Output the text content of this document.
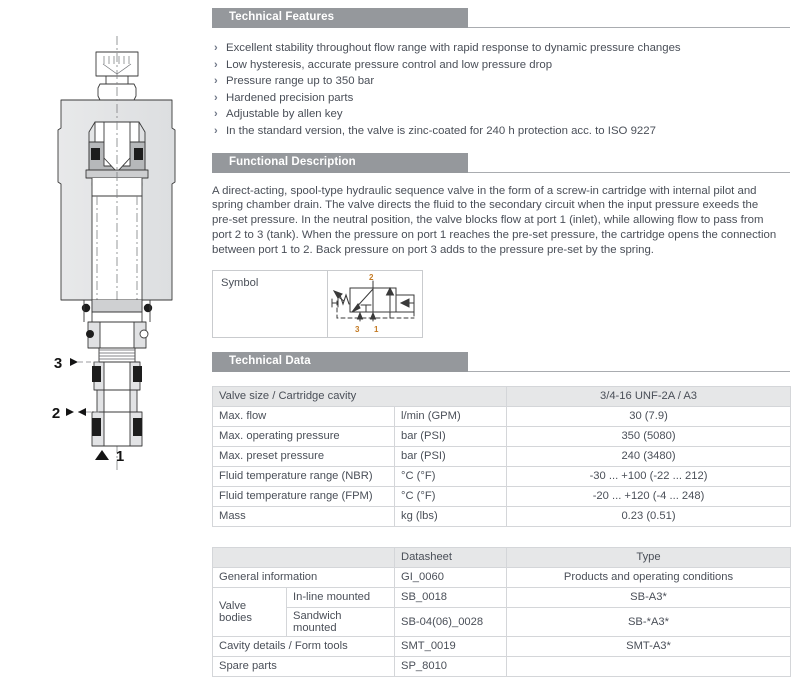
3
2
1
Technical Features
› Excellent stability throughout flow range with rapid response to dynamic pressure changes
› Low hysteresis, accurate pressure control and low pressure drop
› Pressure range up to 350 bar
› Hardened precision parts
› Adjustable by allen key
› In the standard version, the valve is zinc-coated for 240 h protection acc. to ISO 9227
Functional Description

A direct-acting, spool-type hydraulic sequence valve in the form of a screw-in cartridge with internal pilot and spring chamber drain. The valve directs the fluid to the secondary circuit when the input pressure exeeds the pre-set pressure. In the neutral position, the valve blocks flow at port 1 (inlet), while allowing flow to pass from port 2 to 3 (tank). When the pressure on port 1 reaches the pre-set pressure, the cartridge opens the connection between port 1 to 2. Back pressure on port 3 adds to the pressure pre-set by the spring.

Symbol	2
3 1
Technical Data
Valve size / Cartridge cavity		3/4-16 UNF-2A / A3
Max. flow	l/min (GPM)	30 (7.9)
Max. operating pressure	bar (PSI)	350 (5080)
Max. preset pressure	bar (PSI)	240 (3480)
Fluid temperature range (NBR)	°C (°F)	-30 ... +100 (-22 ... 212)
Fluid temperature range (FPM)	°C (°F)	-20 ... +120 (-4 ... 248)
Mass	kg (lbs)	0.23 (0.51)
		Datasheet	Type
General information		GI_0060	Products and operating conditions
Valve bodies	In-line mounted	SB_0018	SB-A3*
	Sandwich mounted	SB-04(06)_0028	SB-*A3*
Cavity details / Form tools		SMT_0019	SMT-A3*
Spare parts		SP_8010	
